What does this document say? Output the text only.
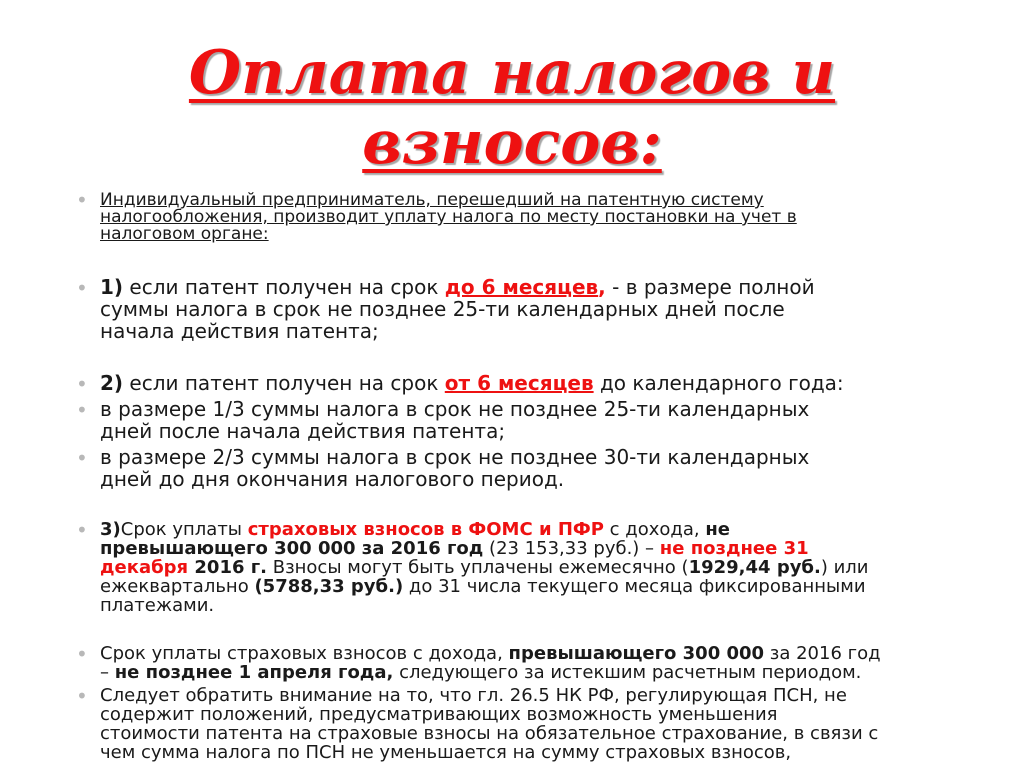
Оплата налогов и
взносов:
• Индивидуальный предприниматель, перешедший на патентную систему
налогообложения, производит уплату налога по месту постановки на учет в
налоговом органе:
• 1) если патент получен на срок до 6 месяцев, - в размере полной
суммы налога в срок не позднее 25-ти календарных дней после
начала действия патента;
• 2) если патент получен на срок от 6 месяцев до календарного года:
• в размере 1/3 суммы налога в срок не позднее 25-ти календарных
дней после начала действия патента;
• в размере 2/3 суммы налога в срок не позднее 30-ти календарных
дней до дня окончания налогового период.
• 3)Срок уплаты страховых взносов в ФОМС и ПФР с дохода, не
превышающего 300 000 за 2016 год (23 153,33 руб.) – не позднее 31
декабря 2016 г. Взносы могут быть уплачены ежемесячно (1929,44 руб.) или
ежеквартально (5788,33 руб.) до 31 числа текущего месяца фиксированными
платежами.
• Срок уплаты страховых взносов с дохода, превышающего 300 000 за 2016 год
– не позднее 1 апреля года, следующего за истекшим расчетным периодом.
• Следует обратить внимание на то, что гл. 26.5 НК РФ, регулирующая ПСН, не
содержит положений, предусматривающих возможность уменьшения
стоимости патента на страховые взносы на обязательное страхование, в связи с
чем сумма налога по ПСН не уменьшается на сумму страховых взносов,
